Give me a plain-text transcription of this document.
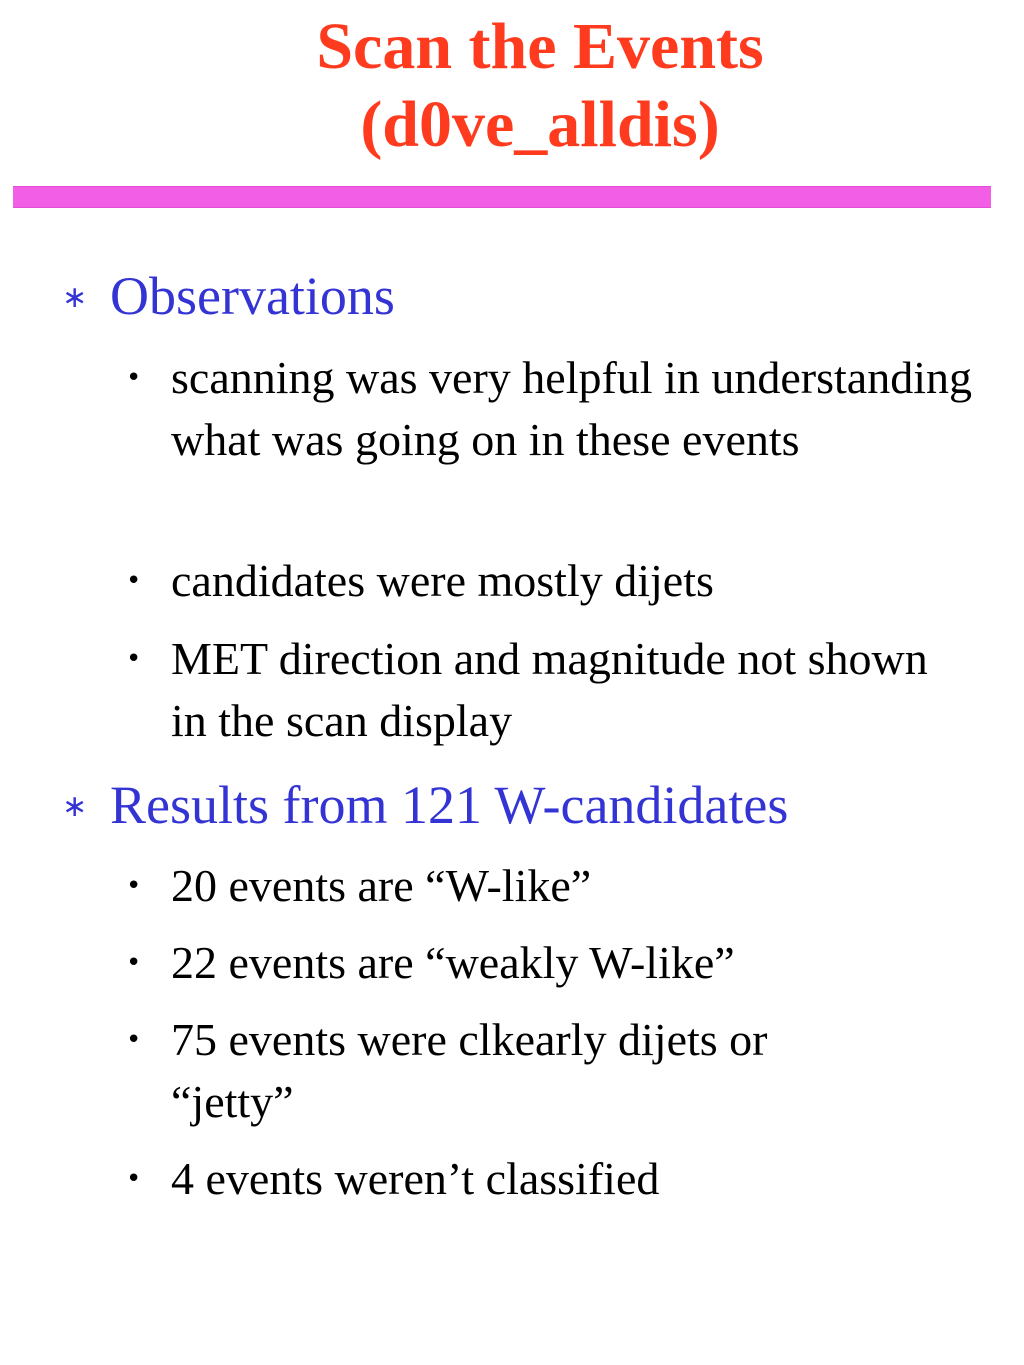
Scan the Events
(d0ve_alldis)
∗ Observations
• scanning was very helpful in understanding what was going on in these events
• candidates were mostly dijets
• MET direction and magnitude not shown in the scan display
∗ Results from 121 W-candidates
• 20 events are “W-like”
• 22 events are “weakly W-like”
• 75 events were clkearly dijets or “jetty”
• 4 events weren’t classified
